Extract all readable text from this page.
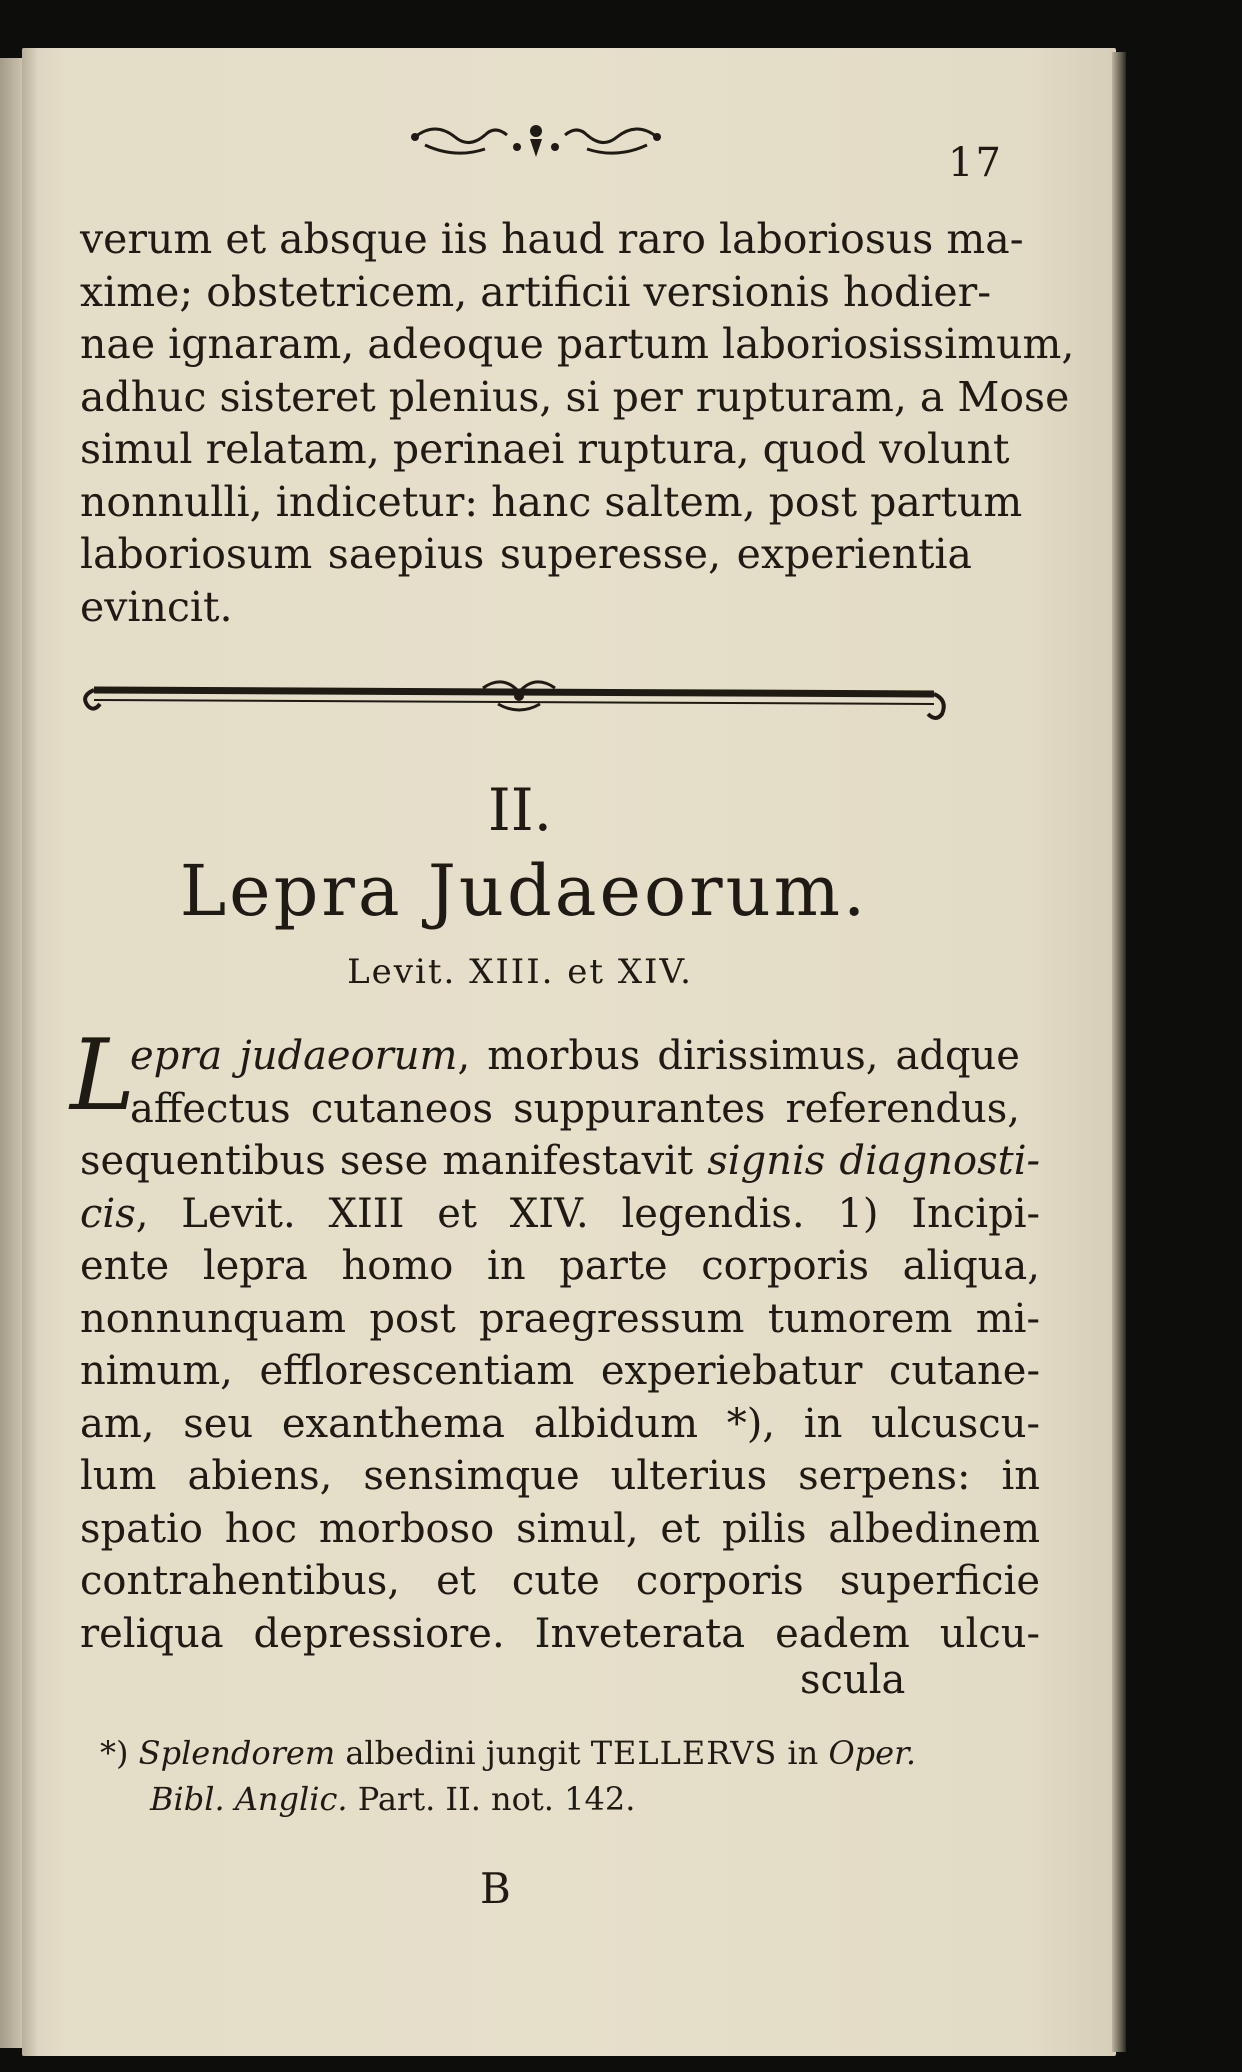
17
verum et absque iis haud raro laboriosus ma-
xime; obstetricem, artificii versionis hodier-
nae ignaram, adeoque partum laboriosissimum,
adhuc sisteret plenius, si per rupturam, a Mose
simul relatam, perinaei ruptura, quod volunt
nonnulli, indicetur: hanc saltem, post partum
laboriosum saepius superesse, experientia
evincit.
II.
Lepra Judaeorum.
Levit. XIII. et XIV.
L
epra judaeorum, morbus dirissimus, adque
affectus cutaneos suppurantes referendus,
sequentibus sese manifestavit signis diagnosti-
cis, Levit. XIII et XIV. legendis. 1) Incipi-
ente lepra homo in parte corporis aliqua,
nonnunquam post praegressum tumorem mi-
nimum, efflorescentiam experiebatur cutane-
am, seu exanthema albidum *), in ulcuscu-
lum abiens, sensimque ulterius serpens: in
spatio hoc morboso simul, et pilis albedinem
contrahentibus, et cute corporis superficie
reliqua depressiore. Inveterata eadem ulcu-
scula
*) Splendorem albedini jungit TELLERVS in Oper.
Bibl. Anglic. Part. II. not. 142.
B
